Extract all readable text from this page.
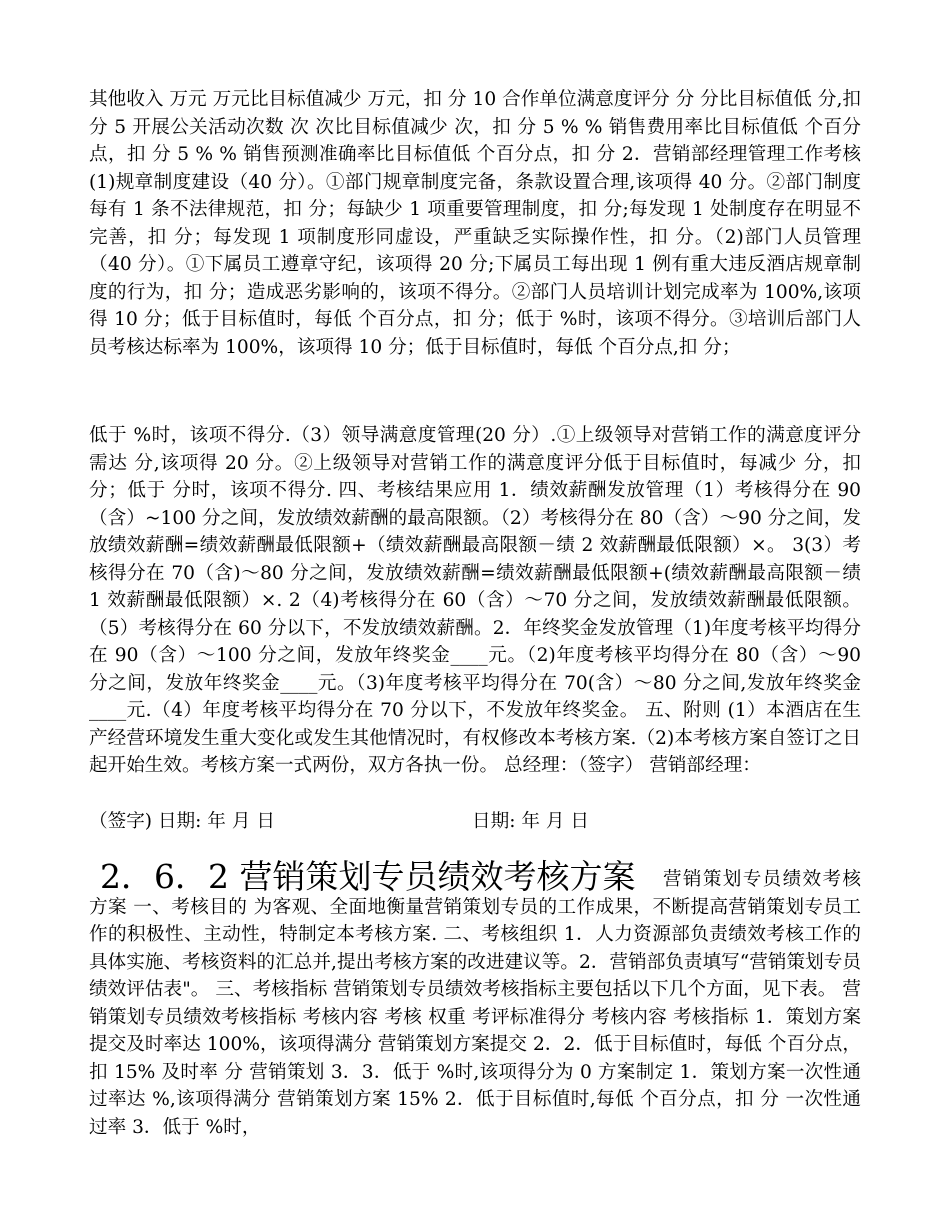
其他收入 万元 万元比目标值减少 万元，扣 分 10 合作单位满意度评分 分 分比目标值低 分,扣 分 5 开展公关活动次数 次 次比目标值减少 次，扣 分 5 % % 销售费用率比目标值低 个百分点，扣 分 5 % % 销售预测准确率比目标值低 个百分点，扣 分 2．营销部经理管理工作考核 (1)规章制度建设（40 分）。①部门规章制度完备，条款设置合理,该项得 40 分。②部门制度每有 1 条不法律规范，扣 分；每缺少 1 项重要管理制度，扣 分;每发现 1 处制度存在明显不完善，扣 分；每发现 1 项制度形同虚设，严重缺乏实际操作性，扣 分。（2)部门人员管理（40 分）。①下属员工遵章守纪，该项得 20 分;下属员工每出现 1 例有重大违反酒店规章制度的行为，扣 分；造成恶劣影响的，该项不得分。②部门人员培训计划完成率为 100%,该项得 10 分；低于目标值时，每低 个百分点，扣 分；低于 %时，该项不得分。③培训后部门人员考核达标率为 100%，该项得 10 分；低于目标值时，每低 个百分点,扣 分；

低于 %时，该项不得分.（3）领导满意度管理(20 分）.①上级领导对营销工作的满意度评分需达 分,该项得 20 分。②上级领导对营销工作的满意度评分低于目标值时，每减少 分，扣 分；低于 分时，该项不得分. 四、考核结果应用 1．绩效薪酬发放管理（1）考核得分在 90（含）~100 分之间，发放绩效薪酬的最高限额。（2）考核得分在 80（含）～90 分之间，发放绩效薪酬=绩效薪酬最低限额+（绩效薪酬最高限额－绩 2 效薪酬最低限额）×。 3(3）考核得分在 70（含)～80 分之间，发放绩效薪酬=绩效薪酬最低限额+(绩效薪酬最高限额－绩 1 效薪酬最低限额）×. 2（4)考核得分在 60（含）～70 分之间，发放绩效薪酬最低限额。（5）考核得分在 60 分以下，不发放绩效薪酬。2．年终奖金发放管理（1)年度考核平均得分在 90（含）～100 分之间，发放年终奖金____元。（2)年度考核平均得分在 80（含）～90 分之间，发放年终奖金____元。（3)年度考核平均得分在 70(含）～80 分之间,发放年终奖金____元.（4）年度考核平均得分在 70 分以下，不发放年终奖金。 五、附则 (1）本酒店在生产经营环境发生重大变化或发生其他情况时，有权修改本考核方案.（2)本考核方案自签订之日起开始生效。考核方案一式两份，双方各执一份。 总经理：（签字） 营销部经理：

（签字) 日期: 年 月 日

	日期: 年 月 日

2．6．2 营销策划专员绩效考核方案	营销策划专员绩效考核方案 一、考核目的 为客观、全面地衡量营销策划专员的工作成果，不断提高营销策划专员工作的积极性、主动性，特制定本考核方案. 二、考核组织 1．人力资源部负责绩效考核工作的具体实施、考核资料的汇总并,提出考核方案的改进建议等。2．营销部负责填写“营销策划专员绩效评估表"。 三、考核指标 营销策划专员绩效考核指标主要包括以下几个方面，见下表。 营销策划专员绩效考核指标 考核内容 考核 权重 考评标准得分 考核内容 考核指标 1．策划方案提交及时率达 100%，该项得满分 营销策划方案提交 2．2．低于目标值时，每低 个百分点，扣 15% 及时率 分 营销策划 3．3．低于 %时,该项得分为 0 方案制定 1．策划方案一次性通过率达 %,该项得满分 营销策划方案 15% 2．低于目标值时,每低 个百分点，扣 分 一次性通过率 3．低于 %时，
